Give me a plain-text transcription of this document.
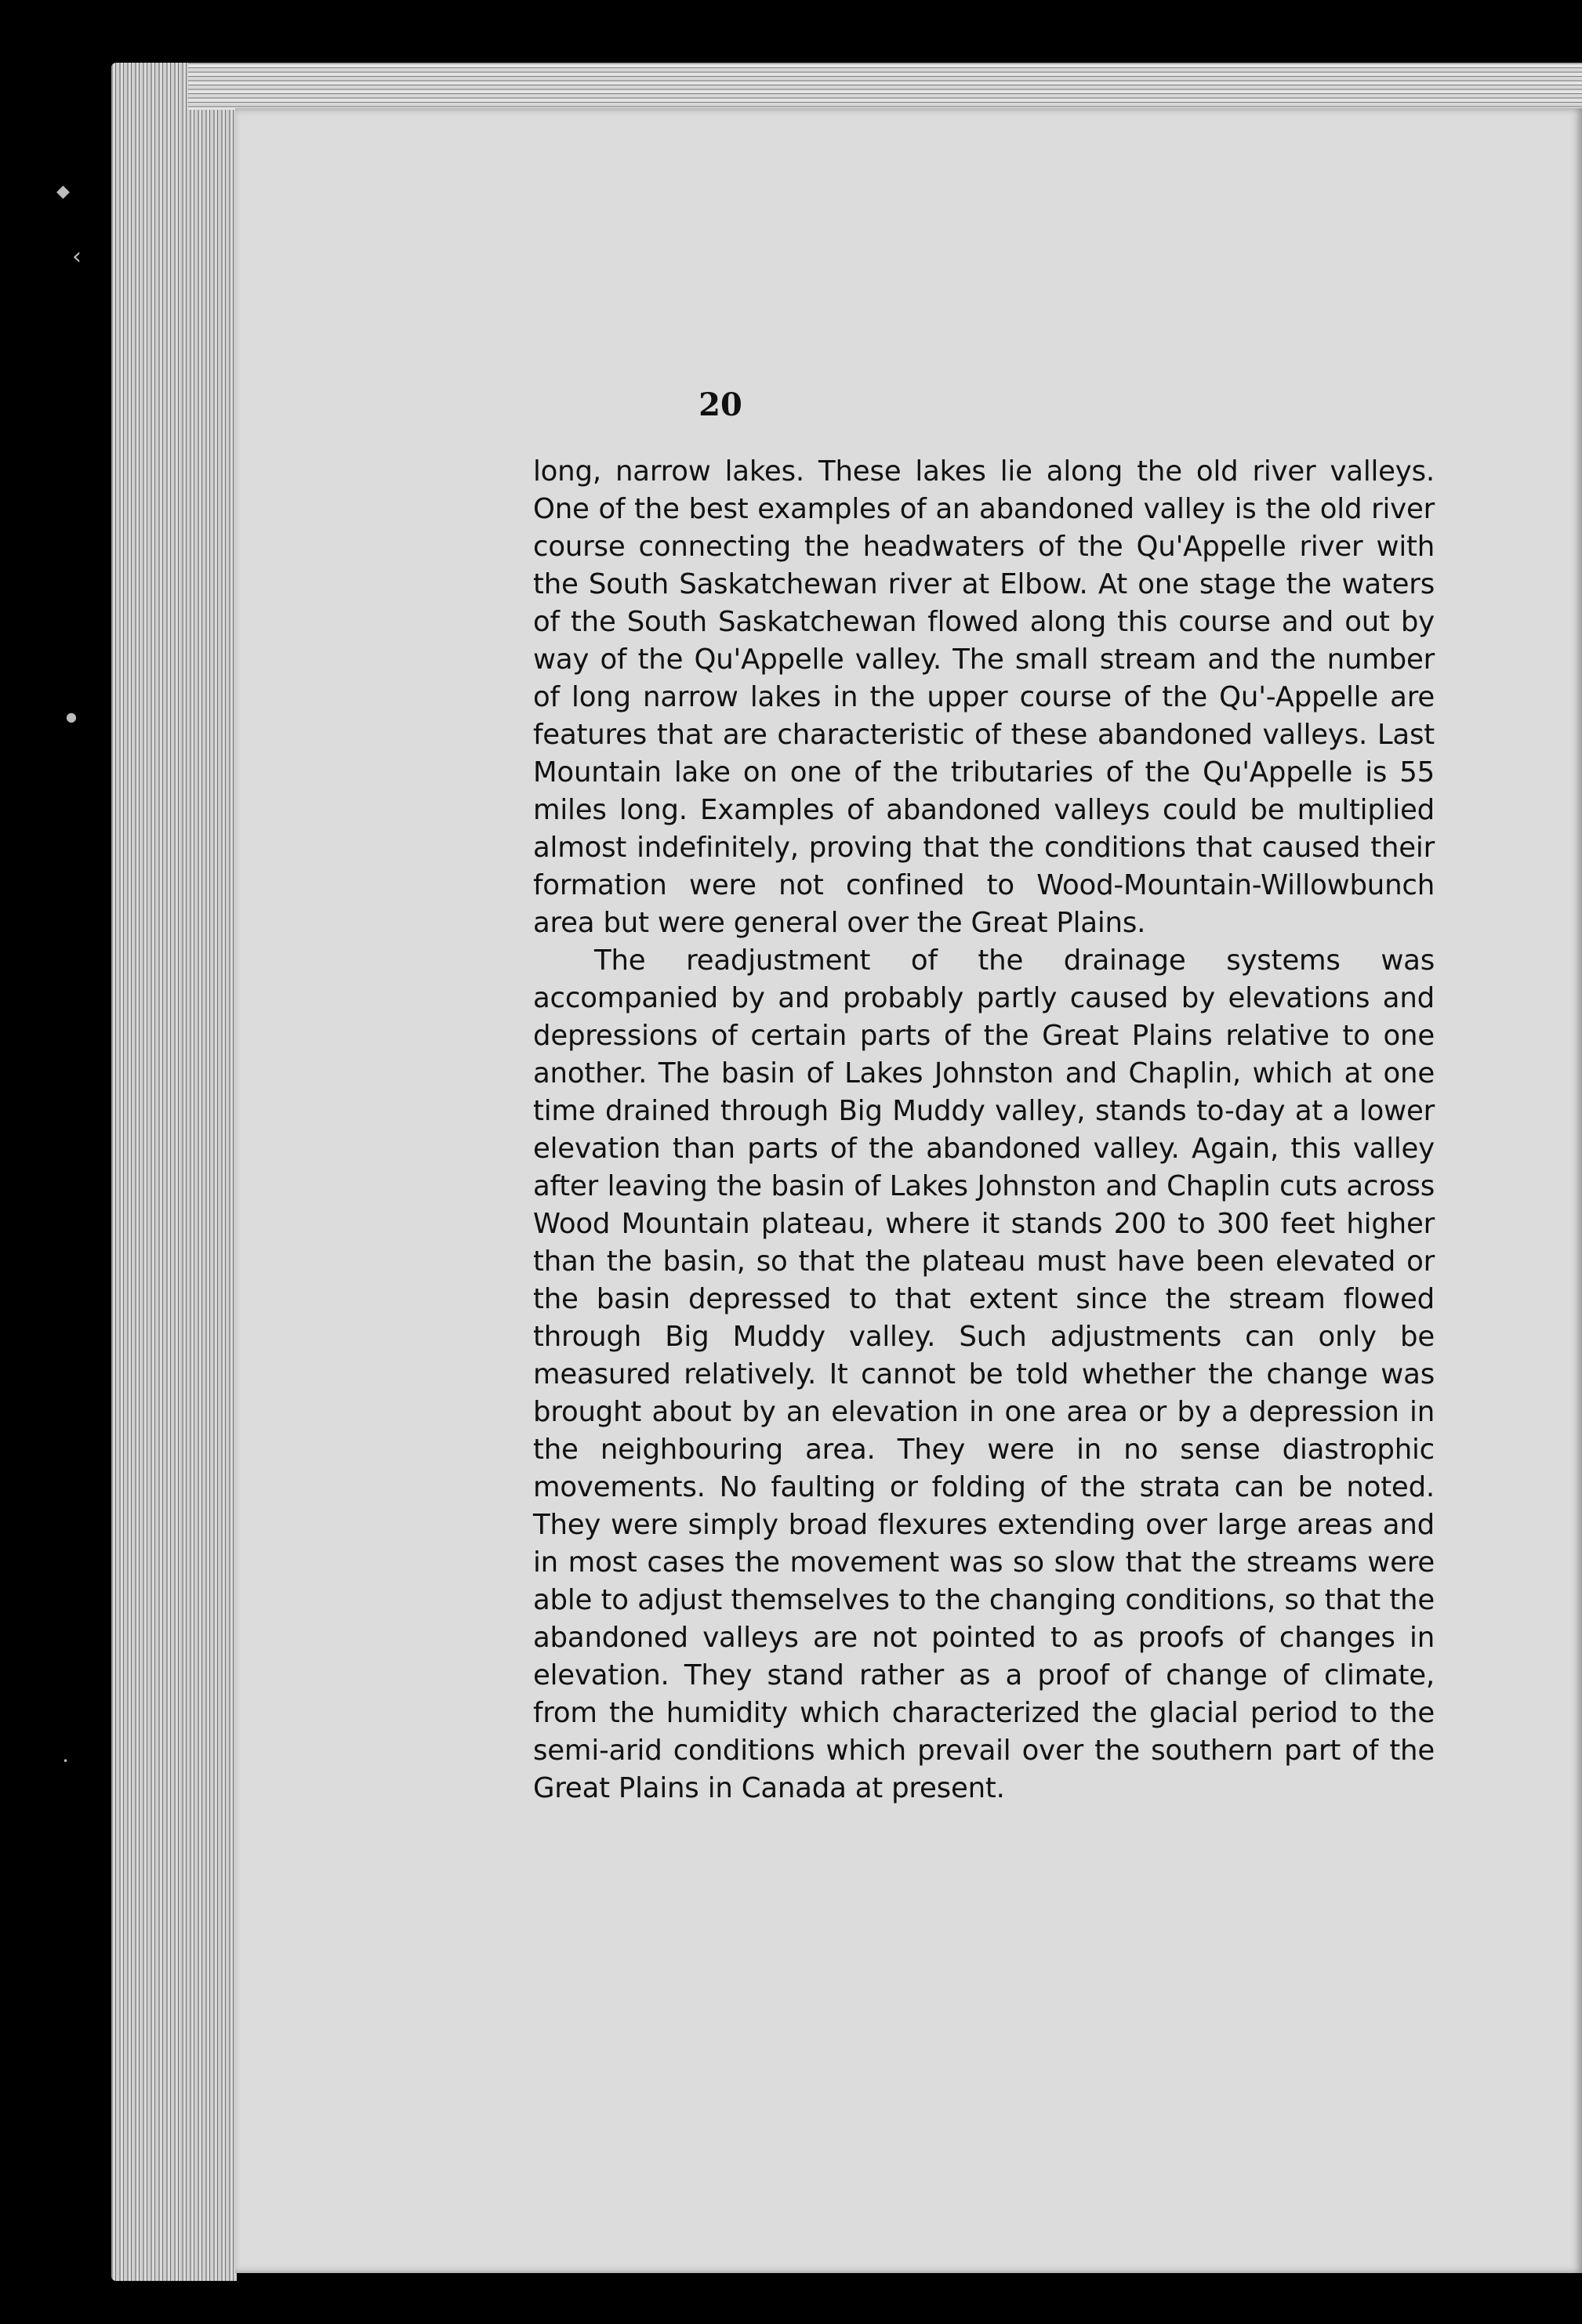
◆
‹
●
•
20

long, narrow lakes. These lakes lie along the old river valleys. One of the best examples of an abandoned valley is the old river course connecting the headwaters of the Qu'Appelle river with the South Saskatchewan river at Elbow. At one stage the waters of the South Saskatchewan flowed along this course and out by way of the Qu'Appelle valley. The small stream and the number of long narrow lakes in the upper course of the Qu'-Appelle are features that are characteristic of these abandoned valleys. Last Mountain lake on one of the tributaries of the Qu'Appelle is 55 miles long. Examples of abandoned valleys could be multiplied almost indefinitely, proving that the conditions that caused their formation were not confined to Wood-Mountain-Willowbunch area but were general over the Great Plains.

The readjustment of the drainage systems was accompanied by and probably partly caused by elevations and depressions of certain parts of the Great Plains relative to one another. The basin of Lakes Johnston and Chaplin, which at one time drained through Big Muddy valley, stands to-day at a lower elevation than parts of the abandoned valley. Again, this valley after leaving the basin of Lakes Johnston and Chaplin cuts across Wood Mountain plateau, where it stands 200 to 300 feet higher than the basin, so that the plateau must have been elevated or the basin depressed to that extent since the stream flowed through Big Muddy valley. Such adjustments can only be measured relatively. It cannot be told whether the change was brought about by an elevation in one area or by a depression in the neighbouring area. They were in no sense diastrophic movements. No faulting or folding of the strata can be noted. They were simply broad flexures extending over large areas and in most cases the movement was so slow that the streams were able to adjust themselves to the changing conditions, so that the abandoned valleys are not pointed to as proofs of changes in elevation. They stand rather as a proof of change of climate, from the humidity which characterized the glacial period to the semi-arid conditions which prevail over the southern part of the Great Plains in Canada at present.
